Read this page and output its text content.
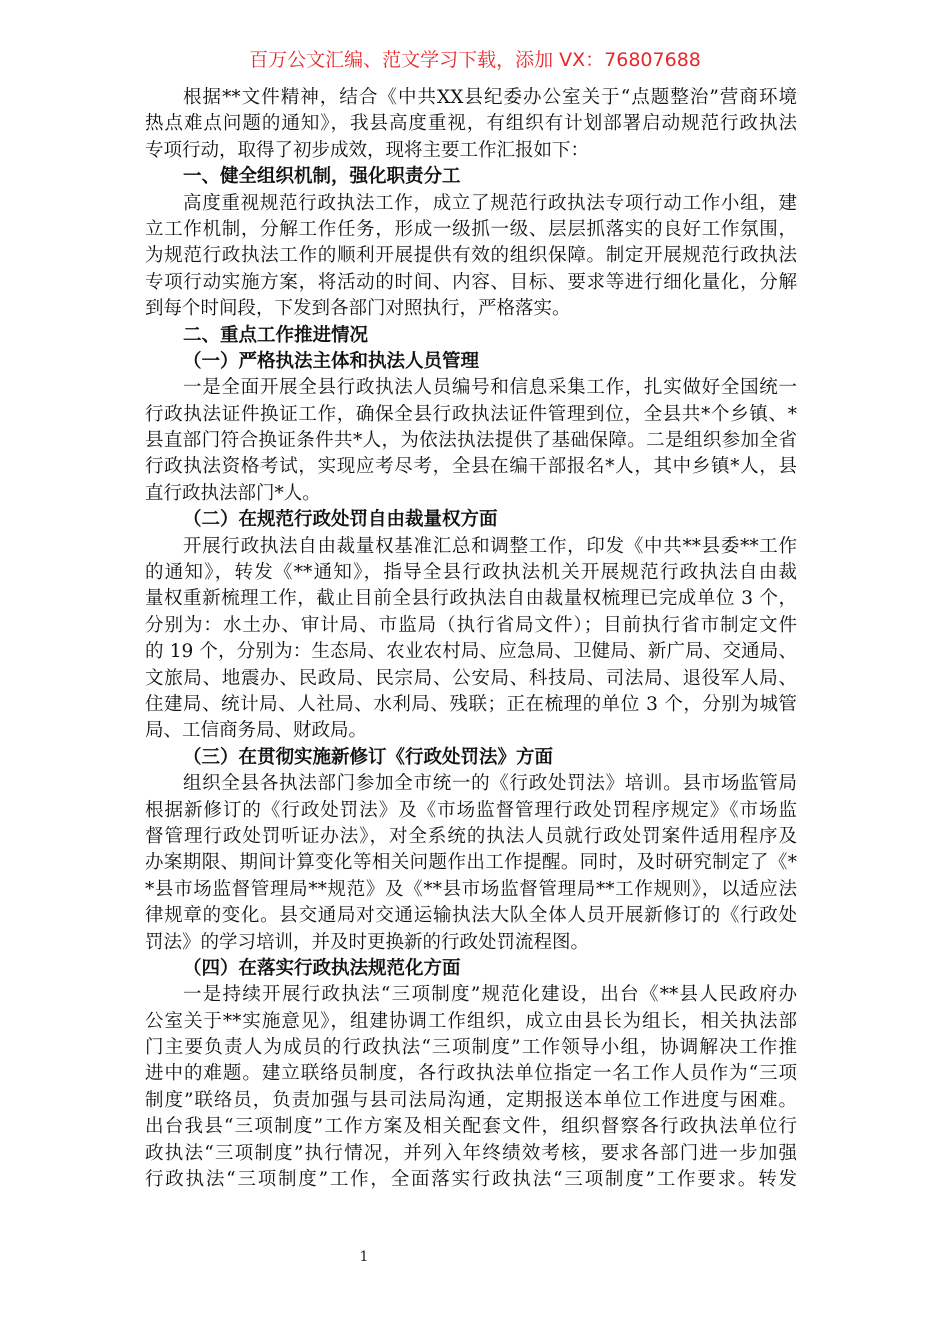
百万公文汇编、范文学习下载，添加 VX：76807688
根据**文件精神，结合《中共XX县纪委办公室关于“点题整治”营商环境
热点难点问题的通知》，我县高度重视，有组织有计划部署启动规范行政执法
专项行动，取得了初步成效，现将主要工作汇报如下：
一、健全组织机制，强化职责分工
高度重视规范行政执法工作，成立了规范行政执法专项行动工作小组，建
立工作机制，分解工作任务，形成一级抓一级、层层抓落实的良好工作氛围，
为规范行政执法工作的顺利开展提供有效的组织保障。制定开展规范行政执法
专项行动实施方案，将活动的时间、内容、目标、要求等进行细化量化，分解
到每个时间段，下发到各部门对照执行，严格落实。
二、重点工作推进情况
（一）严格执法主体和执法人员管理
一是全面开展全县行政执法人员编号和信息采集工作，扎实做好全国统一
行政执法证件换证工作，确保全县行政执法证件管理到位，全县共*个乡镇、*
县直部门符合换证条件共*人，为依法执法提供了基础保障。二是组织参加全省
行政执法资格考试，实现应考尽考，全县在编干部报名*人，其中乡镇*人，县
直行政执法部门*人。
（二）在规范行政处罚自由裁量权方面
开展行政执法自由裁量权基准汇总和调整工作，印发《中共**县委**工作
的通知》，转发《**通知》，指导全县行政执法机关开展规范行政执法自由裁
量权重新梳理工作，截止目前全县行政执法自由裁量权梳理已完成单位 3 个，
分别为：水土办、审计局、市监局（执行省局文件）；目前执行省市制定文件
的 19 个，分别为：生态局、农业农村局、应急局、卫健局、新广局、交通局、
文旅局、地震办、民政局、民宗局、公安局、科技局、司法局、退役军人局、
住建局、统计局、人社局、水利局、残联；正在梳理的单位 3 个，分别为城管
局、工信商务局、财政局。
（三）在贯彻实施新修订《行政处罚法》方面
组织全县各执法部门参加全市统一的《行政处罚法》培训。县市场监管局
根据新修订的《行政处罚法》及《市场监督管理行政处罚程序规定》《市场监
督管理行政处罚听证办法》，对全系统的执法人员就行政处罚案件适用程序及
办案期限、期间计算变化等相关问题作出工作提醒。同时，及时研究制定了《*
*县市场监督管理局**规范》及《**县市场监督管理局**工作规则》，以适应法
律规章的变化。县交通局对交通运输执法大队全体人员开展新修订的《行政处
罚法》的学习培训，并及时更换新的行政处罚流程图。
（四）在落实行政执法规范化方面
一是持续开展行政执法“三项制度”规范化建设，出台《**县人民政府办
公室关于**实施意见》，组建协调工作组织，成立由县长为组长，相关执法部
门主要负责人为成员的行政执法“三项制度”工作领导小组，协调解决工作推
进中的难题。建立联络员制度，各行政执法单位指定一名工作人员作为“三项
制度”联络员，负责加强与县司法局沟通，定期报送本单位工作进度与困难。
出台我县“三项制度”工作方案及相关配套文件，组织督察各行政执法单位行
政执法“三项制度”执行情况，并列入年终绩效考核，要求各部门进一步加强
行政执法“三项制度”工作，全面落实行政执法“三项制度”工作要求。转发
1
